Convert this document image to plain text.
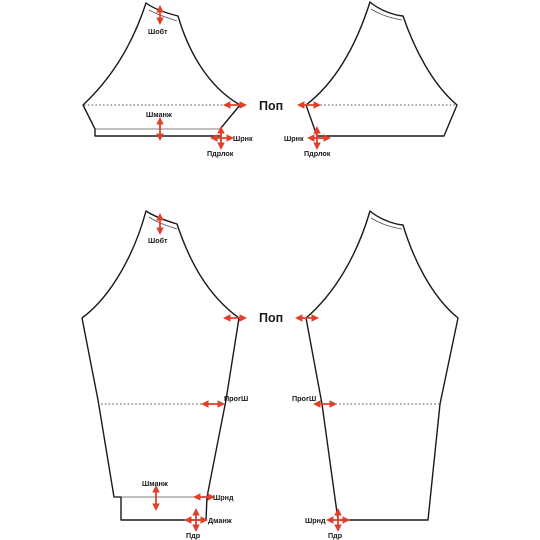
Шобт
Шманж
Шрнк
Пдрлок
Поп
Шрнк
Пдрлок
Шобт
ПрогШ
Шманж
Шрнд
Дманж
Пдр
Поп
ПрогШ
Шрнд
Пдр
